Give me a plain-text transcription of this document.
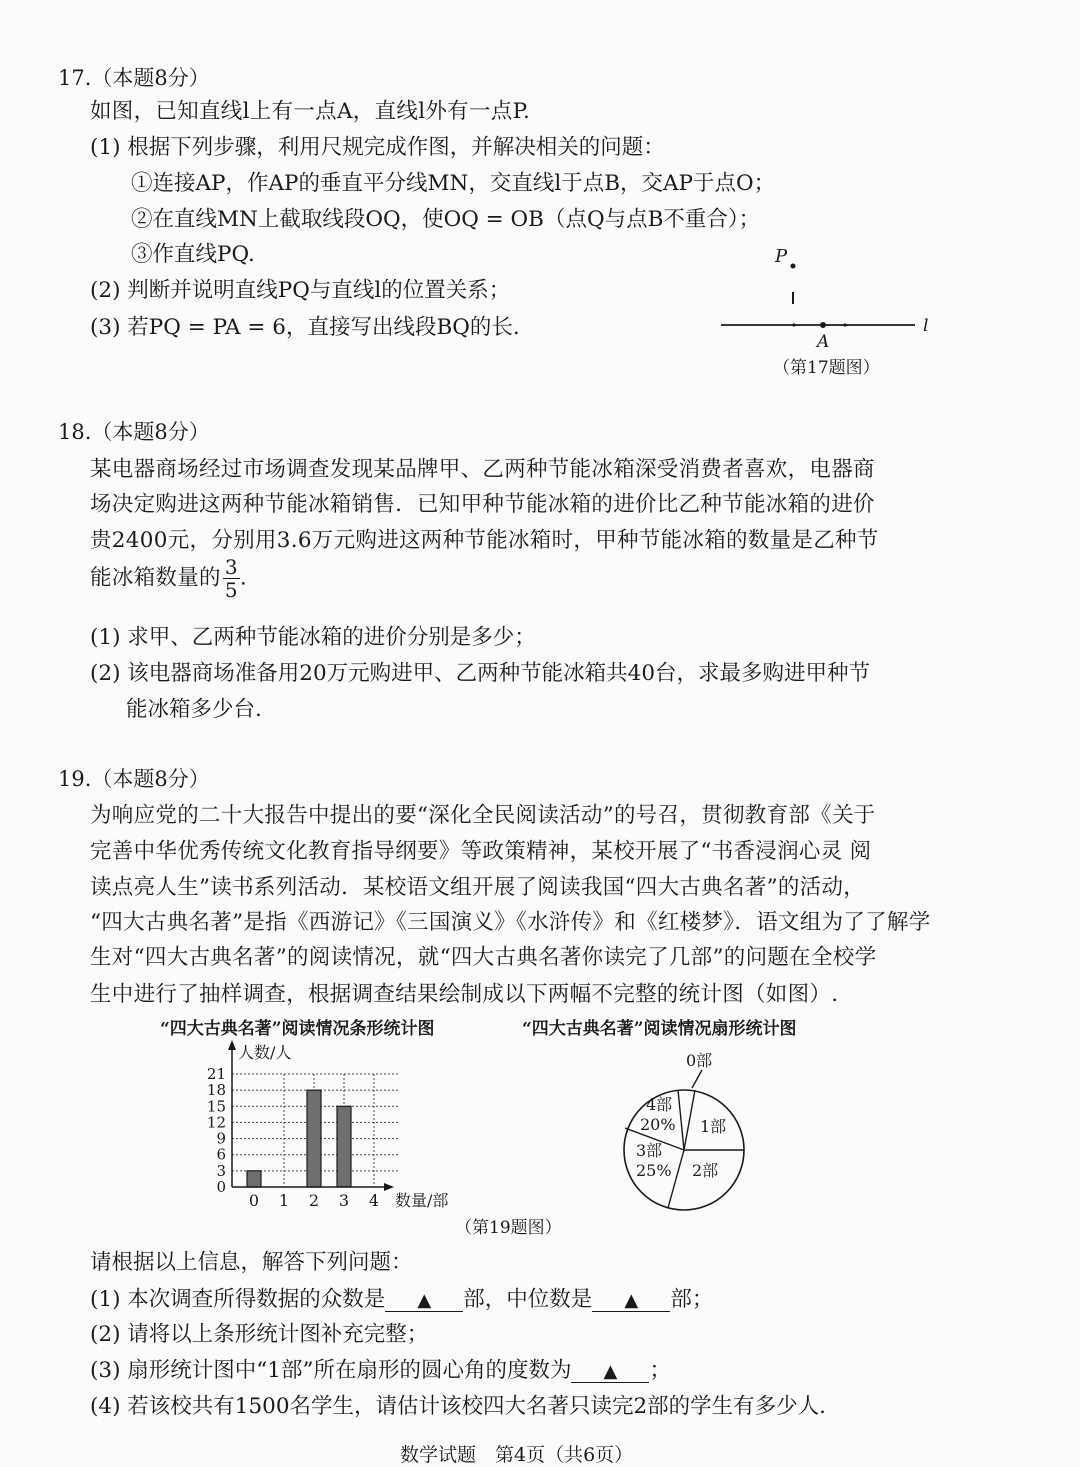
17.（本题8分）
如图，已知直线l上有一点A，直线l外有一点P.
(1) 根据下列步骤，利用尺规完成作图，并解决相关的问题：
①连接AP，作AP的垂直平分线MN，交直线l于点B，交AP于点O；
②在直线MN上截取线段OQ，使OQ = OB（点Q与点B不重合）；
③作直线PQ.
(2) 判断并说明直线PQ与直线l的位置关系；
(3) 若PQ = PA = 6，直接写出线段BQ的长.
P
A
l
（第17题图）
18.（本题8分）
某电器商场经过市场调查发现某品牌甲、乙两种节能冰箱深受消费者喜欢，电器商
场决定购进这两种节能冰箱销售．已知甲种节能冰箱的进价比乙种节能冰箱的进价
贵2400元，分别用3.6万元购进这两种节能冰箱时，甲种节能冰箱的数量是乙种节
能冰箱数量的 $\frac{3}{5}$ .
(1) 求甲、乙两种节能冰箱的进价分别是多少；
(2) 该电器商场准备用20万元购进甲、乙两种节能冰箱共40台，求最多购进甲种节
能冰箱多少台.
19.（本题8分）
为响应党的二十大报告中提出的要“深化全民阅读活动”的号召，贯彻教育部《关于
完善中华优秀传统文化教育指导纲要》等政策精神，某校开展了“书香浸润心灵 阅
读点亮人生”读书系列活动．某校语文组开展了阅读我国“四大古典名著”的活动，
“四大古典名著”是指《西游记》《三国演义》《水浒传》和《红楼梦》．语文组为了了解学
生对“四大古典名著”的阅读情况，就“四大古典名著你读完了几部”的问题在全校学
生中进行了抽样调查，根据调查结果绘制成以下两幅不完整的统计图（如图）.
“四大古典名著”阅读情况条形统计图	“四大古典名著”阅读情况扇形统计图
0
3
6
9
12
15
18
21
0 1 2 3 4
人数/人
数量/部
0部
1部
2部
3部
25%
4部
20%
（第19题图）
请根据以上信息，解答下列问题：
(1) 本次调查所得数据的众数是 ▲ 部，中位数是 ▲ 部；
(2) 请将以上条形统计图补充完整；
(3) 扇形统计图中“1部”所在扇形的圆心角的度数为 ▲ ；
(4) 若该校共有1500名学生，请估计该校四大名著只读完2部的学生有多少人.
数学试题　第4页（共6页）
